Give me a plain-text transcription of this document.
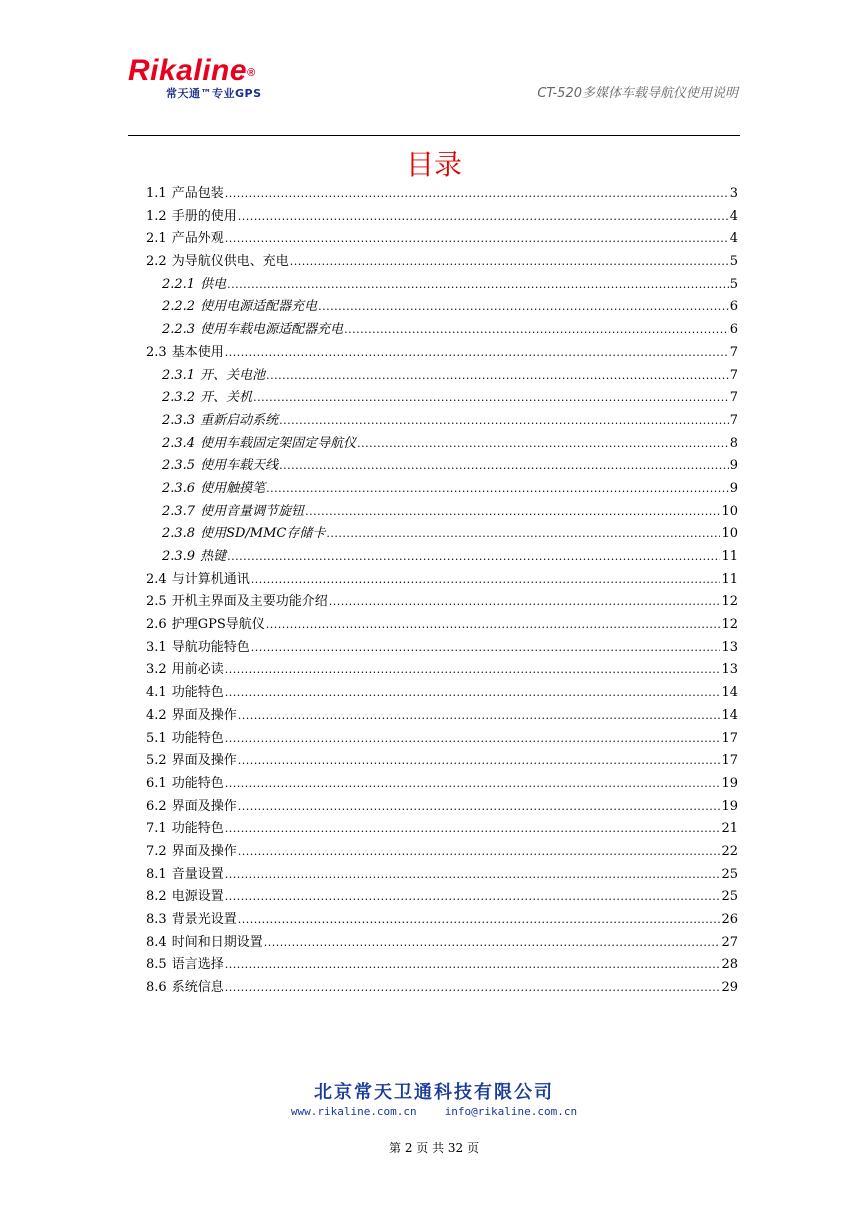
Rikaline®
常天通™专业GPS	CT-520多媒体车载导航仪使用说明
目录
1.1 产品包装 .....	3
1.2 手册的使用 .....	4
2.1 产品外观 .....	4
2.2 为导航仪供电、充电 .....	5
2.2.1 供电 .....	5
2.2.2 使用电源适配器充电 .....	6
2.2.3 使用车载电源适配器充电 .....	6
2.3 基本使用 .....	7
2.3.1 开、关电池 .....	7
2.3.2 开、关机 .....	7
2.3.3 重新启动系统 .....	7
2.3.4 使用车载固定架固定导航仪 .....	8
2.3.5 使用车载天线 .....	9
2.3.6 使用触摸笔 .....	9
2.3.7 使用音量调节旋钮 .....	10
2.3.8 使用SD/MMC存储卡 .....	10
2.3.9 热键 .....	11
2.4 与计算机通讯 .....	11
2.5 开机主界面及主要功能介绍 .....	12
2.6 护理GPS导航仪 .....	12
3.1 导航功能特色 .....	13
3.2 用前必读 .....	13
4.1 功能特色 .....	14
4.2 界面及操作 .....	14
5.1 功能特色 .....	17
5.2 界面及操作 .....	17
6.1 功能特色 .....	19
6.2 界面及操作 .....	19
7.1 功能特色 .....	21
7.2 界面及操作 .....	22
8.1 音量设置 .....	25
8.2 电源设置 .....	25
8.3 背景光设置 .....	26
8.4 时间和日期设置 .....	27
8.5 语言选择 .....	28
8.6 系统信息 .....	29
北京常天卫通科技有限公司
www.rikaline.com.cn	info@rikaline.com.cn
第 2 页 共 32 页
